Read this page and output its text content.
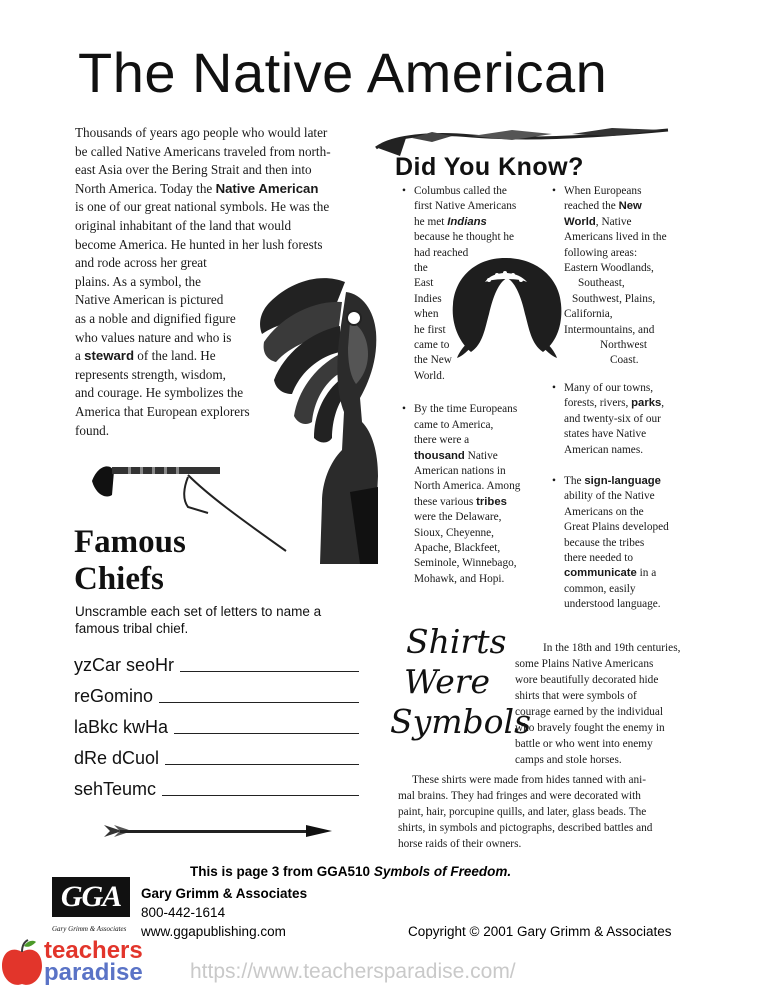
The Native American
Thousands of years ago people who would later
be called Native Americans traveled from north-
east Asia over the Bering Strait and then into
North America. Today the Native American
is one of our great national symbols. He was the
original inhabitant of the land that would
become America. He hunted in her lush forests
and rode across her great
plains. As a symbol, the
Native American is pictured
as a noble and dignified figure
who values nature and who is
a steward of the land. He
represents strength, wisdom,
and courage. He symbolizes the
America that European explorers
found.
Did You Know?
• Columbus called the
first Native Americans
he met Indians
because he thought he
had reached
the
East
Indies
when
he first
came to
the New
World.
• By the time Europeans
came to America,
there were a
thousand Native
American nations in
North America. Among
these various tribes
were the Delaware,
Sioux, Cheyenne,
Apache, Blackfeet,
Seminole, Winnebago,
Mohawk, and Hopi.
• When Europeans
reached the New
World, Native
Americans lived in the
following areas:
Eastern Woodlands,
Southeast,
Southwest, Plains,
California,
Intermountains, and
Northwest
Coast.
• Many of our towns,
forests, rivers, parks,
and twenty-six of our
states have Native
American names.
• The sign-language
ability of the Native
Americans on the
Great Plains developed
because the tribes
there needed to
communicate in a
common, easily
understood language.
Famous
Chiefs
Unscramble each set of letters to name a famous tribal chief.
yzCar seoHr
reGomino
laBkc kwHa
dRe dCuol
sehTeumc
Shirts
Were
Symbols
In the 18th and 19th centuries,
some Plains Native Americans
wore beautifully decorated hide
shirts that were symbols of
courage earned by the individual
who bravely fought the enemy in
battle or who went into enemy
camps and stole horses.
These shirts were made from hides tanned with ani-
mal brains. They had fringes and were decorated with
paint, hair, porcupine quills, and later, glass beads. The
shirts, in symbols and pictographs, described battles and
horse raids of their owners.
This is page 3 from GGA510 Symbols of Freedom.
GGA
Gary Grimm & Associates
Gary Grimm & Associates
800-442-1614
www.ggapublishing.com	Copyright © 2001 Gary Grimm & Associates
teachers
paradise https://www.teachersparadise.com/
